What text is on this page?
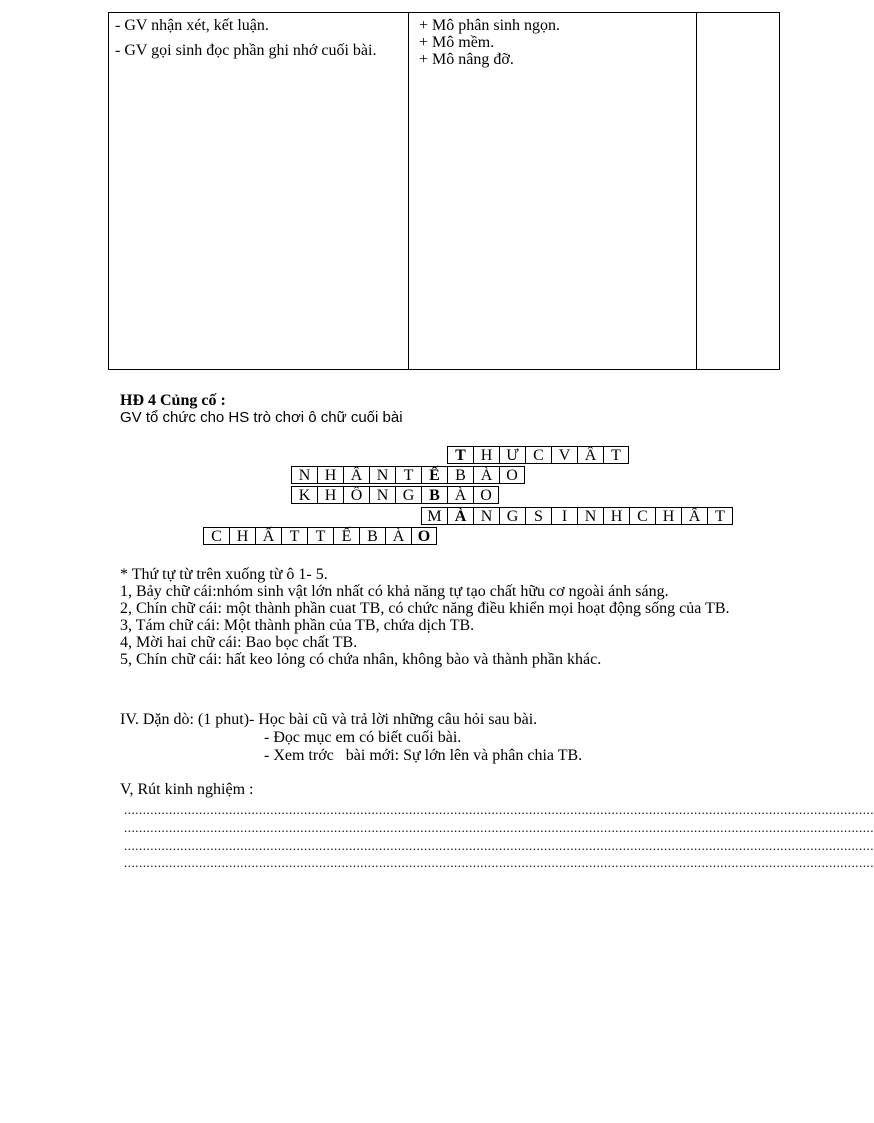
- GV nhận xét, kết luận.

- GV gọi sinh đọc phần ghi nhớ cuối bài.

+ Mô phân sinh ngọn.
+ Mô mềm.
+ Mô nâng đỡ.
HĐ 4 Củng cố :
GV tổ chức cho HS trò chơi ô chữ cuối bài
T H Ư C V Â T
N H Â N T Ế B À O
K H Ô N G B À O
M À N G S	I	N H C H Ấ T
C H Ấ T	T	Ế B À O
* Thứ tự từ trên xuống từ ô 1- 5.
1, Bảy chữ cái:nhóm sinh vật lớn nhất có khả năng tự tạo chất hữu cơ ngoài ánh sáng.
2, Chín chữ cái: một thành phần cuat TB, có chức năng điều khiển mọi hoạt động sống của TB.
3, Tám chữ cái: Một thành phần của TB, chứa dịch TB.
4, Mời hai chữ cái: Bao bọc chất TB.
5, Chín chữ cái: hất keo lỏng có chứa nhân, không bào và thành phần khác.
IV. Dặn dò: (1 phut)- Học bài cũ và trả lời những câu hỏi sau bài.
- Đọc mục em có biết cuối bài.
- Xem trớc   bài mới: Sự lớn lên và phân chia TB.
V, Rút kinh nghiệm :
........................................................................................................................................................................................................
........................................................................................................................................................................................................
........................................................................................................................................................................................................
........................................................................................................................................................................................................
